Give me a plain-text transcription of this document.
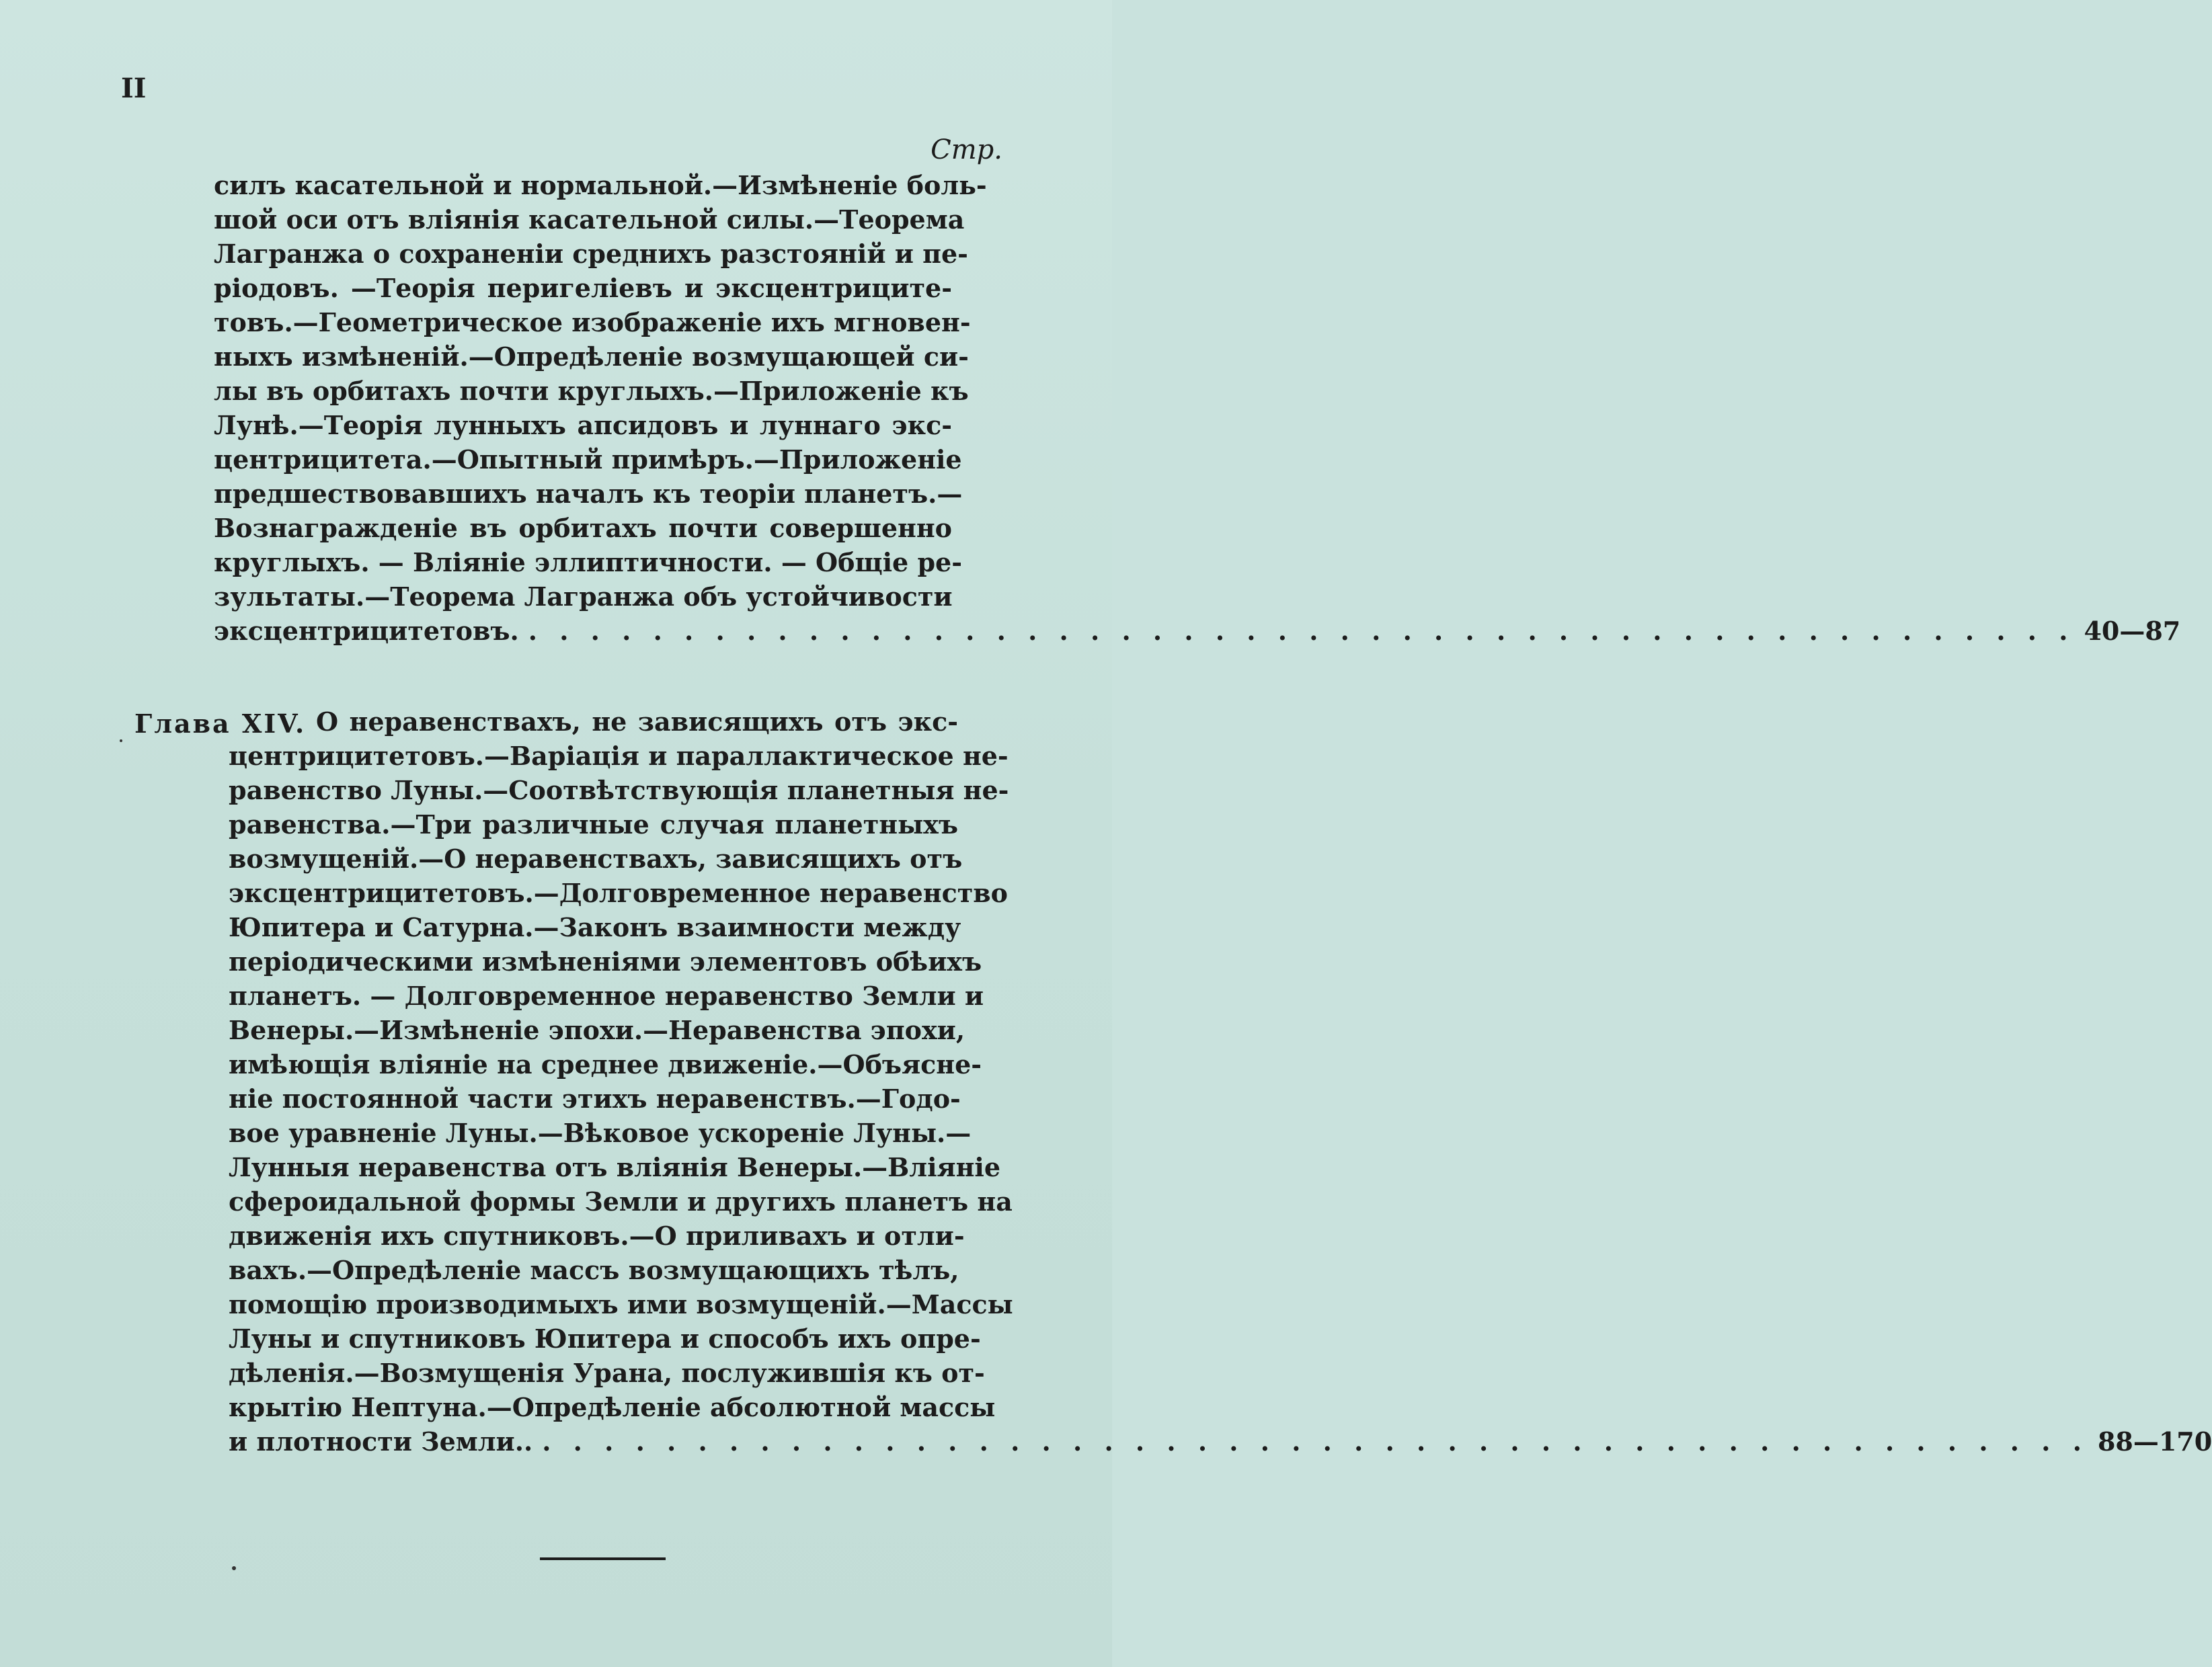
II
Стр.
силъ касательной и нормальной.—Измѣненіе боль-
шой оси отъ вліянія касательной силы.—Теорема
Лагранжа о сохраненіи среднихъ разстояній и пе-
ріодовъ. —Теорія перигеліевъ и эксцентрицитe-
товъ.—Геометрическое изображеніе ихъ мгновен-
ныхъ измѣненій.—Опредѣленіе возмущающей си-
лы въ орбитахъ почти круглыхъ.—Приложеніе къ
Лунѣ.—Теорія лунныхъ апсидовъ и луннаго экс-
центрицитета.—Опытный примѣръ.—Приложеніе
предшествовавшихъ началъ къ теоріи планетъ.—
Вознагражденіе въ орбитахъ почти совершенно
круглыхъ. — Вліяніе эллиптичности. — Общіе ре-
зультаты.—Теорема Лагранжа объ устойчивости
эксцентрицитетовъ. . . . . . . . . . . . . . . . . . . . . . . . . . . . . . . . . . . . . . . . . . . . . . . . . . . 40—87
Глава XIV. О неравенствахъ, не зависящихъ отъ экс-
центрицитетовъ.—Варіація и параллактическое не-
равенство Луны.—Соотвѣтствующія планетныя не-
равенства.—Три различные случая планетныхъ
возмущеній.—О неравенствахъ, зависящихъ отъ
эксцентрицитетовъ.—Долговременное неравенство
Юпитера и Сатурна.—Законъ взаимности между
періодическими измѣненіями элементовъ обѣихъ
планетъ. — Долговременное неравенство Земли и
Венеры.—Измѣненіе эпохи.—Неравенства эпохи,
имѣющія вліяніе на среднее движеніе.—Объясне-
ніе постоянной части этихъ неравенствъ.—Годо-
вое уравненіе Луны.—Вѣковое ускореніе Луны.—
Лунныя неравенства отъ вліянія Венеры.—Вліяніе
сфероидальной формы Земли и другихъ планетъ на
движенія ихъ спутниковъ.—О приливахъ и отли-
вахъ.—Опредѣленіе массъ возмущающихъ тѣлъ,
помощію производимыхъ ими возмущеній.—Массы
Луны и спутниковъ Юпитера и способъ ихъ опре-
дѣленія.—Возмущенія Урана, послужившія къ от-
крытію Нептуна.—Опредѣленіе абсолютной массы
и плотности Земли.. . . . . . . . . . . . . . . . . . . . . . . . . . . . . . . . . . . . . . . . . . . . . . . . . . . 88—170
